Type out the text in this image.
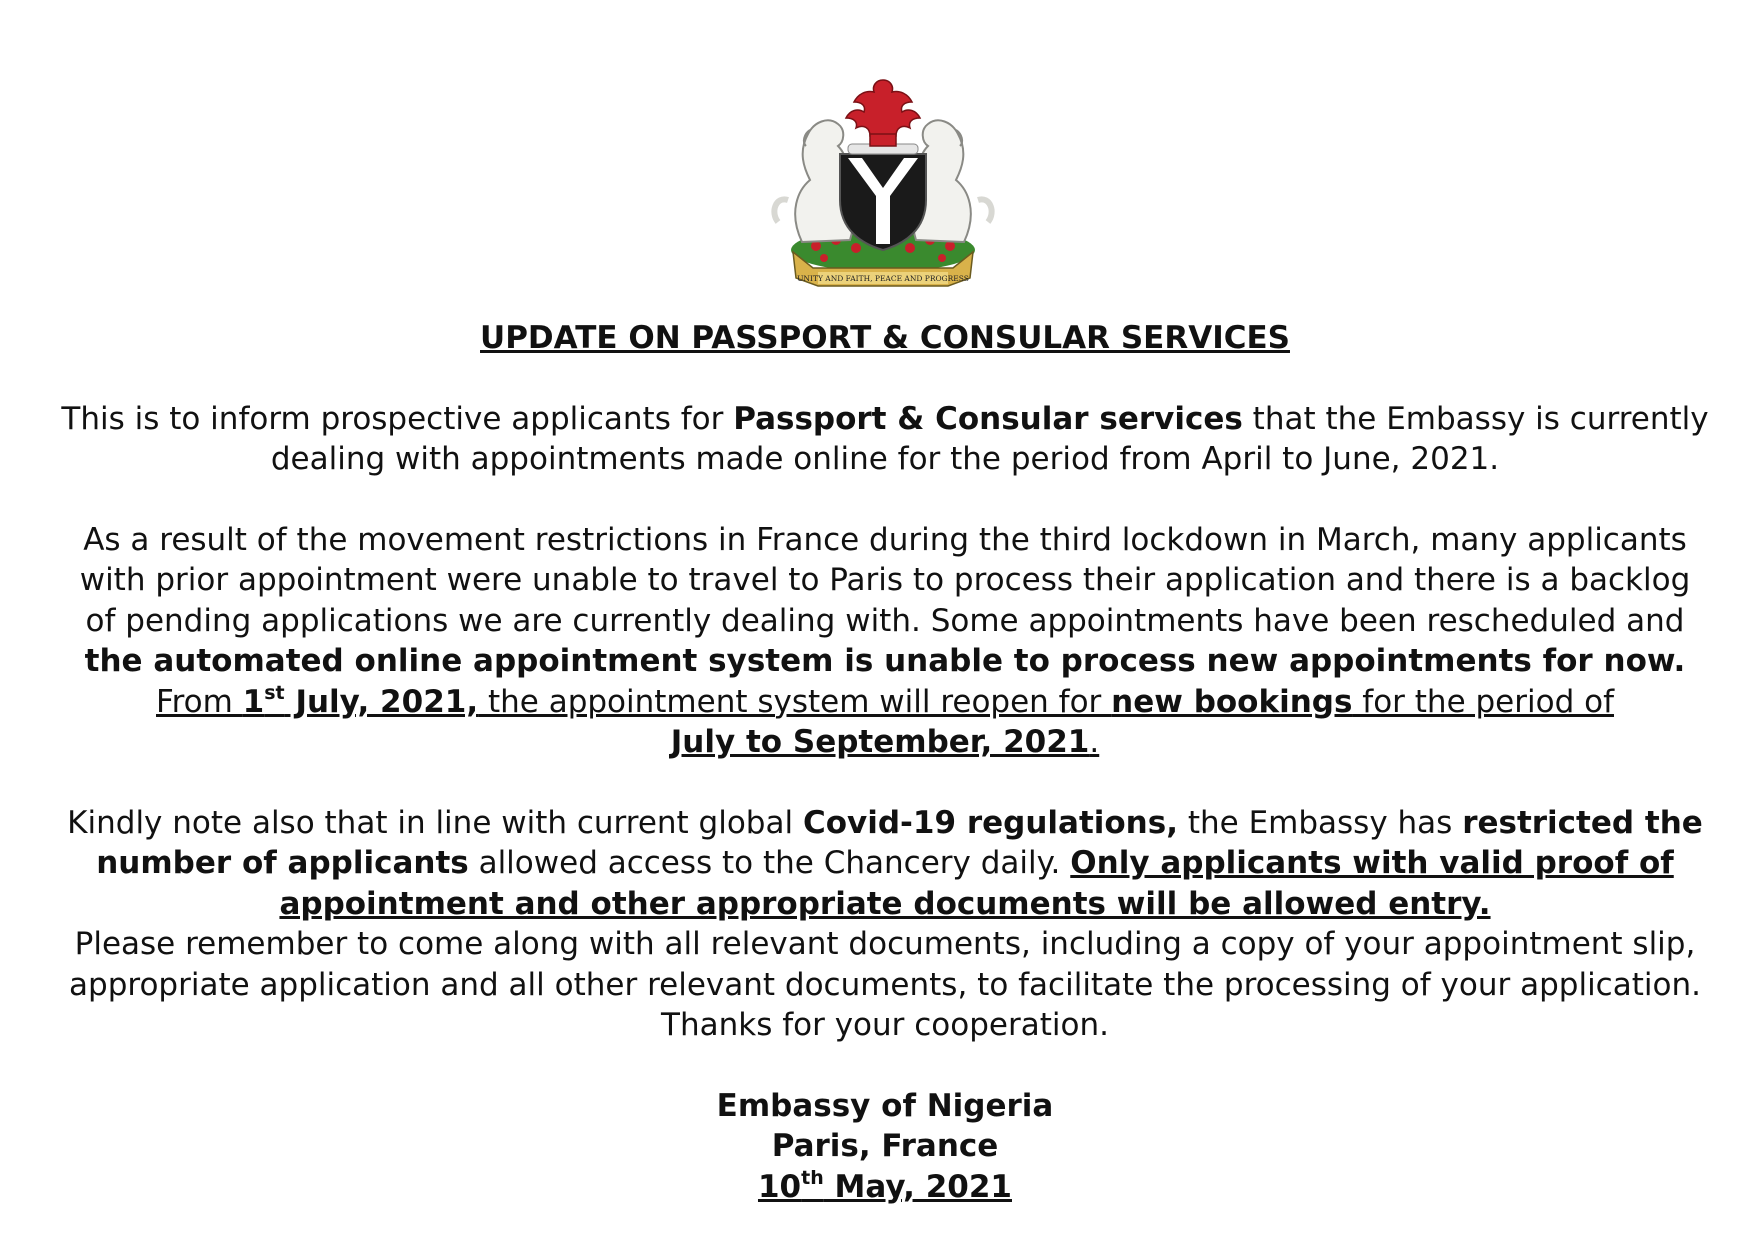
UNITY AND FAITH, PEACE AND PROGRESS

UPDATE ON PASSPORT & CONSULAR SERVICES

This is to inform prospective applicants for Passport & Consular services that the Embassy is currently dealing with appointments made online for the period from April to June, 2021.

As a result of the movement restrictions in France during the third lockdown in March, many applicants with prior appointment were unable to travel to Paris to process their application and there is a backlog of pending applications we are currently dealing with. Some appointments have been rescheduled and the automated online appointment system is unable to process new appointments for now.
From 1st July, 2021, the appointment system will reopen for new bookings for the period of
July to September, 2021.

Kindly note also that in line with current global Covid-19 regulations, the Embassy has restricted the number of applicants allowed access to the Chancery daily. Only applicants with valid proof of appointment and other appropriate documents will be allowed entry.

Please remember to come along with all relevant documents, including a copy of your appointment slip, appropriate application and all other relevant documents, to facilitate the processing of your application.

Thanks for your cooperation.

Embassy of Nigeria
Paris, France
10th May, 2021
